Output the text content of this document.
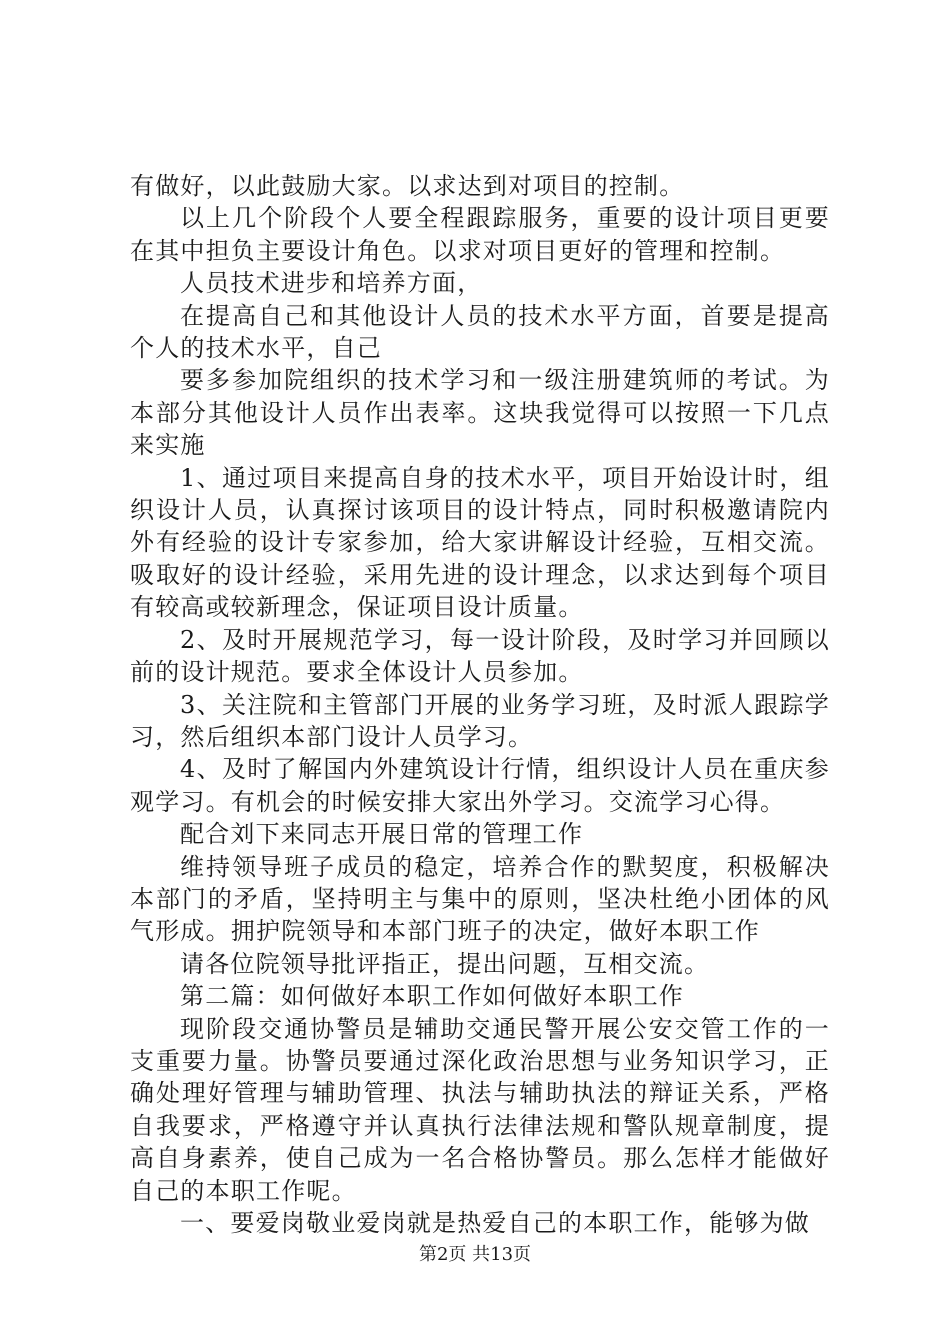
有做好，以此鼓励大家。以求达到对项目的控制。

以上几个阶段个人要全程跟踪服务，重要的设计项目更要在其中担负主要设计角色。以求对项目更好的管理和控制。

人员技术进步和培养方面，

在提高自己和其他设计人员的技术水平方面，首要是提高个人的技术水平，自己

要多参加院组织的技术学习和一级注册建筑师的考试。为本部分其他设计人员作出表率。这块我觉得可以按照一下几点来实施

1、通过项目来提高自身的技术水平，项目开始设计时，组织设计人员，认真探讨该项目的设计特点，同时积极邀请院内外有经验的设计专家参加，给大家讲解设计经验，互相交流。吸取好的设计经验，采用先进的设计理念，以求达到每个项目有较高或较新理念，保证项目设计质量。

2、及时开展规范学习，每一设计阶段，及时学习并回顾以前的设计规范。要求全体设计人员参加。

3、关注院和主管部门开展的业务学习班，及时派人跟踪学习，然后组织本部门设计人员学习。

4、及时了解国内外建筑设计行情，组织设计人员在重庆参观学习。有机会的时候安排大家出外学习。交流学习心得。

配合刘下来同志开展日常的管理工作

维持领导班子成员的稳定，培养合作的默契度，积极解决本部门的矛盾，坚持明主与集中的原则，坚决杜绝小团体的风气形成。拥护院领导和本部门班子的决定，做好本职工作

请各位院领导批评指正，提出问题，互相交流。

第二篇：如何做好本职工作如何做好本职工作

现阶段交通协警员是辅助交通民警开展公安交管工作的一支重要力量。协警员要通过深化政治思想与业务知识学习，正确处理好管理与辅助管理、执法与辅助执法的辩证关系，严格自我要求，严格遵守并认真执行法律法规和警队规章制度，提高自身素养，使自己成为一名合格协警员。那么怎样才能做好自己的本职工作呢。

一、要爱岗敬业爱岗就是热爱自己的本职工作，能够为做

第2页 共13页
